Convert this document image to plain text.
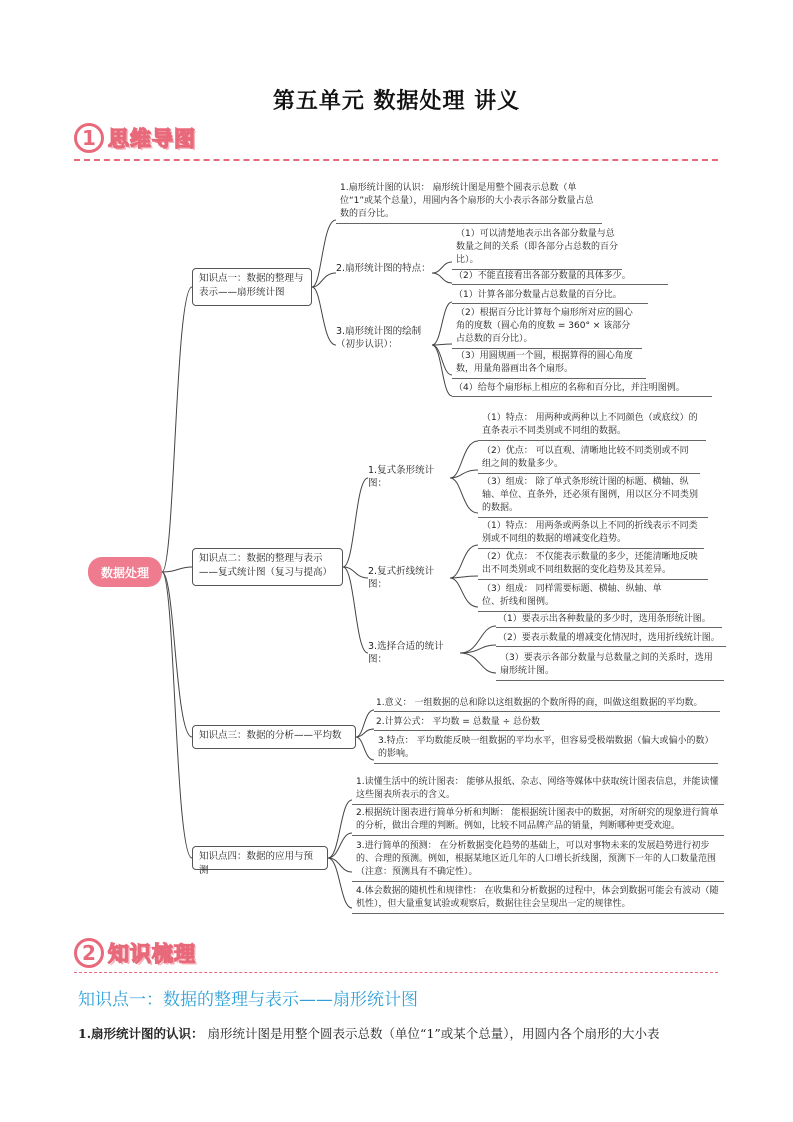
第五单元 数据处理 讲义
1 思维导图
数据处理
知识点一：数据的整理与表示——扇形统计图
1.扇形统计图的认识： 扇形统计图是用整个圆表示总数（单位“1”或某个总量），用圆内各个扇形的大小表示各部分数量占总数的百分比。
2.扇形统计图的特点：
（1）可以清楚地表示出各部分数量与总数量之间的关系（即各部分占总数的百分比）。
（2）不能直接看出各部分数量的具体多少。
3.扇形统计图的绘制（初步认识）：
（1）计算各部分数量占总数量的百分比。
（2）根据百分比计算每个扇形所对应的圆心角的度数（圆心角的度数 = 360° × 该部分占总数的百分比）。
（3）用圆规画一个圆，根据算得的圆心角度数，用量角器画出各个扇形。
（4）给每个扇形标上相应的名称和百分比，并注明图例。
知识点二：数据的整理与表示——复式统计图（复习与提高）
1.复式条形统计图：
（1）特点： 用两种或两种以上不同颜色（或底纹）的直条表示不同类别或不同组的数据。
（2）优点： 可以直观、清晰地比较不同类别或不同组之间的数量多少。
（3）组成： 除了单式条形统计图的标题、横轴、纵轴、单位、直条外，还必须有图例，用以区分不同类别的数据。
2.复式折线统计图：
（1）特点： 用两条或两条以上不同的折线表示不同类别或不同组的数据的增减变化趋势。
（2）优点： 不仅能表示数量的多少，还能清晰地反映出不同类别或不同组数据的变化趋势及其差异。
（3）组成： 同样需要标题、横轴、纵轴、单位、折线和图例。
3.选择合适的统计图：
（1）要表示出各种数量的多少时，选用条形统计图。
（2）要表示数量的增减变化情况时，选用折线统计图。
（3）要表示各部分数量与总数量之间的关系时，选用扇形统计图。
知识点三：数据的分析——平均数
1.意义： 一组数据的总和除以这组数据的个数所得的商，叫做这组数据的平均数。
2.计算公式： 平均数 = 总数量 ÷ 总份数
3.特点： 平均数能反映一组数据的平均水平，但容易受极端数据（偏大或偏小的数）的影响。
知识点四：数据的应用与预测
1.读懂生活中的统计图表： 能够从报纸、杂志、网络等媒体中获取统计图表信息，并能读懂这些图表所表示的含义。
2.根据统计图表进行简单分析和判断： 能根据统计图表中的数据，对所研究的现象进行简单的分析，做出合理的判断。例如，比较不同品牌产品的销量，判断哪种更受欢迎。
3.进行简单的预测： 在分析数据变化趋势的基础上，可以对事物未来的发展趋势进行初步的、合理的预测。例如，根据某地区近几年的人口增长折线图，预测下一年的人口数量范围（注意：预测具有不确定性）。
4.体会数据的随机性和规律性： 在收集和分析数据的过程中，体会到数据可能会有波动（随机性），但大量重复试验或观察后，数据往往会呈现出一定的规律性。
2 知识梳理
知识点一：数据的整理与表示——扇形统计图
1.扇形统计图的认识： 扇形统计图是用整个圆表示总数（单位“1”或某个总量），用圆内各个扇形的大小表
